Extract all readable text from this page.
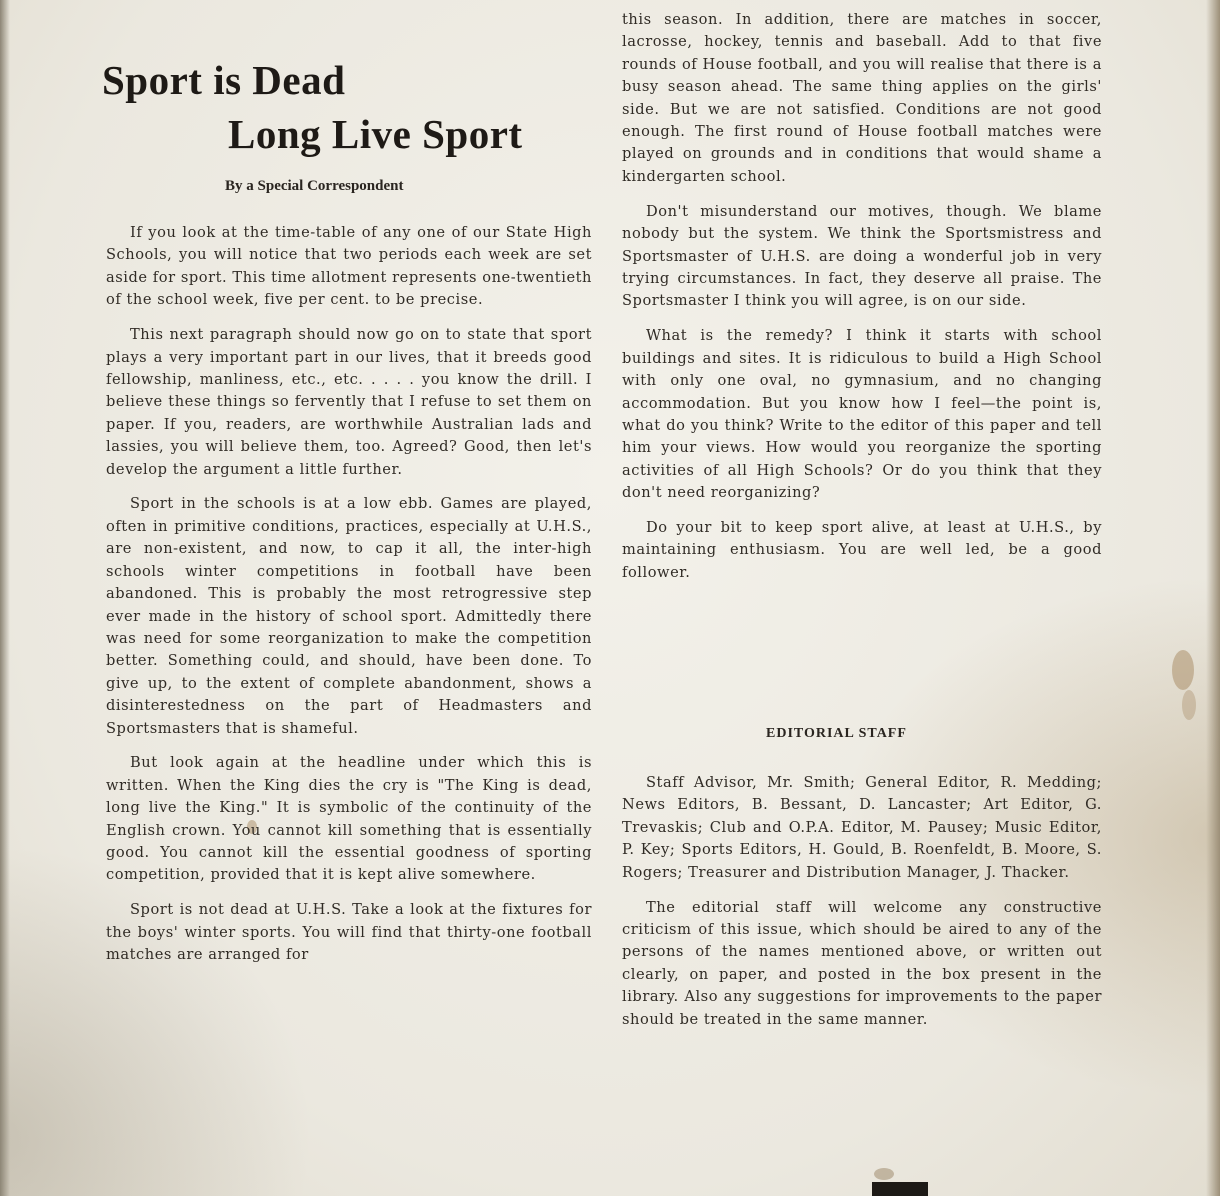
Sport is Dead
Long Live Sport
By a Special Correspondent

If you look at the time-table of any one of our State High Schools, you will notice that two periods each week are set aside for sport. This time allotment represents one-twentieth of the school week, five per cent. to be precise.

This next paragraph should now go on to state that sport plays a very important part in our lives, that it breeds good fellowship, manliness, etc., etc. . . . . you know the drill. I believe these things so fervently that I refuse to set them on paper. If you, readers, are worthwhile Australian lads and lassies, you will believe them, too. Agreed? Good, then let's develop the argument a little further.

Sport in the schools is at a low ebb. Games are played, often in primitive conditions, practices, especially at U.H.S., are non-existent, and now, to cap it all, the inter-high schools winter competitions in football have been abandoned. This is probably the most retrogressive step ever made in the history of school sport. Admittedly there was need for some reorganization to make the competition better. Something could, and should, have been done. To give up, to the extent of complete abandonment, shows a disinterestedness on the part of Headmasters and Sportsmasters that is shameful.

But look again at the headline under which this is written. When the King dies the cry is "The King is dead, long live the King." It is symbolic of the continuity of the English crown. You cannot kill something that is essentially good. You cannot kill the essential goodness of sporting competition, provided that it is kept alive somewhere.

Sport is not dead at U.H.S. Take a look at the fixtures for the boys' winter sports. You will find that thirty-one football matches are arranged for

this season. In addition, there are matches in soccer, lacrosse, hockey, tennis and baseball. Add to that five rounds of House football, and you will realise that there is a busy season ahead. The same thing applies on the girls' side. But we are not satisfied. Conditions are not good enough. The first round of House football matches were played on grounds and in conditions that would shame a kindergarten school.

Don't misunderstand our motives, though. We blame nobody but the system. We think the Sportsmistress and Sportsmaster of U.H.S. are doing a wonderful job in very trying circumstances. In fact, they deserve all praise. The Sportsmaster I think you will agree, is on our side.

What is the remedy? I think it starts with school buildings and sites. It is ridiculous to build a High School with only one oval, no gymnasium, and no changing accommodation. But you know how I feel—the point is, what do you think? Write to the editor of this paper and tell him your views. How would you reorganize the sporting activities of all High Schools? Or do you think that they don't need reorganizing?

Do your bit to keep sport alive, at least at U.H.S., by maintaining enthusiasm. You are well led, be a good follower.

EDITORIAL STAFF

Staff Advisor, Mr. Smith; General Editor, R. Medding; News Editors, B. Bessant, D. Lancaster; Art Editor, G. Trevaskis; Club and O.P.A. Editor, M. Pausey; Music Editor, P. Key; Sports Editors, H. Gould, B. Roenfeldt, B. Moore, S. Rogers; Treasurer and Distribution Manager, J. Thacker.

The editorial staff will welcome any constructive criticism of this issue, which should be aired to any of the persons of the names mentioned above, or written out clearly, on paper, and posted in the box present in the library. Also any suggestions for improvements to the paper should be treated in the same manner.
